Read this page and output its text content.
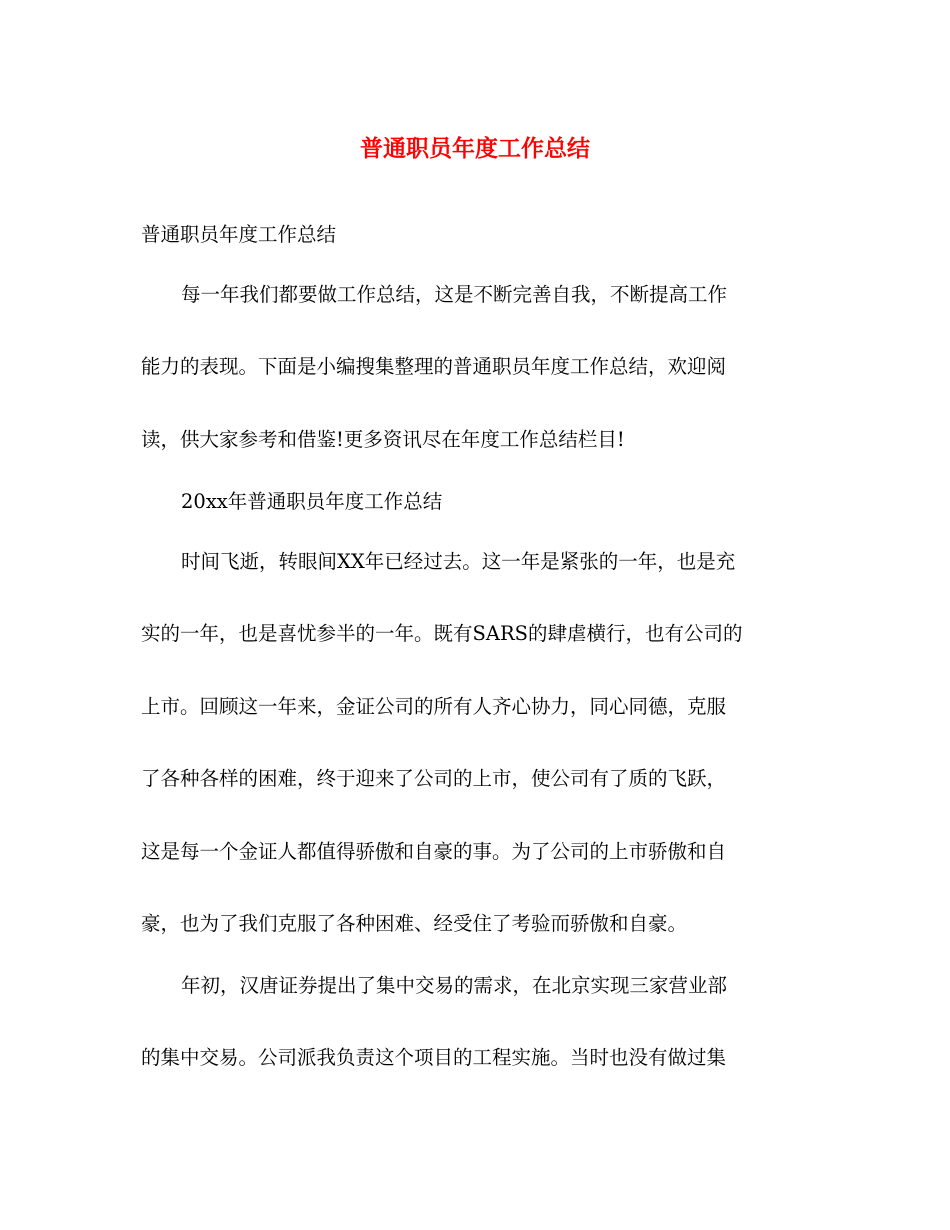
普通职员年度工作总结
普通职员年度工作总结
每一年我们都要做工作总结，这是不断完善自我，不断提高工作
能力的表现。下面是小编搜集整理的普通职员年度工作总结，欢迎阅
读，供大家参考和借鉴!更多资讯尽在年度工作总结栏目!
20xx年普通职员年度工作总结
时间飞逝，转眼间XX年已经过去。这一年是紧张的一年，也是充
实的一年，也是喜忧参半的一年。既有SARS的肆虐横行，也有公司的
上市。回顾这一年来，金证公司的所有人齐心协力，同心同德，克服
了各种各样的困难，终于迎来了公司的上市，使公司有了质的飞跃，
这是每一个金证人都值得骄傲和自豪的事。为了公司的上市骄傲和自
豪，也为了我们克服了各种困难、经受住了考验而骄傲和自豪。
年初，汉唐证券提出了集中交易的需求，在北京实现三家营业部
的集中交易。公司派我负责这个项目的工程实施。当时也没有做过集
